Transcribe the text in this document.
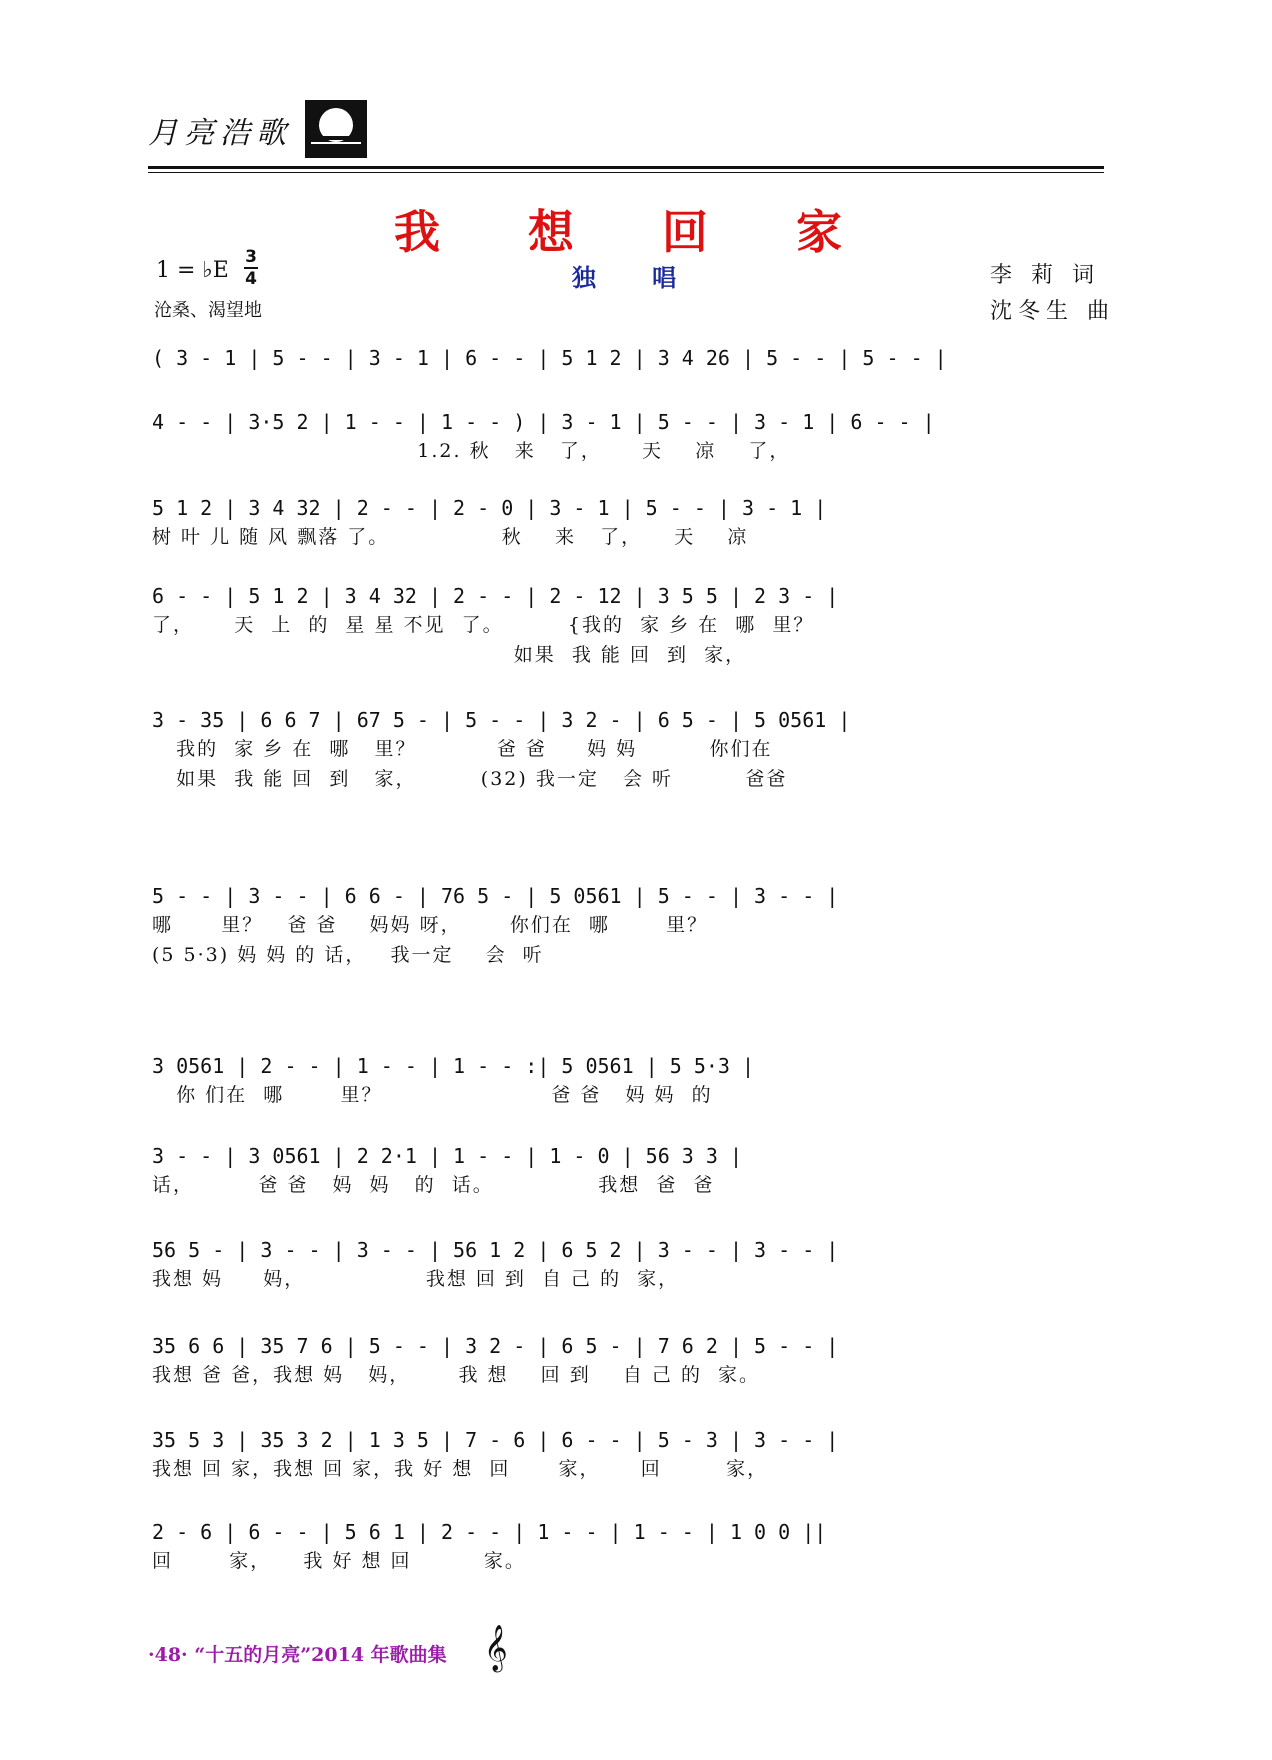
月亮浩歌
我 想 回 家
1 = ♭E
3
4	独 唱	李 莉 词
沈冬生 曲
沧桑、渴望地
( 3 - 1 | 5 - - | 3 - 1 | 6 - - | 5 1 2 | 3 4 26 | 5 - - | 5 - - |
4 - - | 3·5 2 | 1 - - | 1 - - ) | 3 - 1 | 5 - - | 3 - 1 | 6 - - |
1.2. 秋   来   了，     天    凉    了，
5 1 2 | 3 4 32 | 2 - - | 2 - 0 | 3 - 1 | 5 - - | 3 - 1 |
树 叶 儿 随 风 飘落 了。              秋    来   了，    天    凉
6 - - | 5 1 2 | 3 4 32 | 2 - - | 2 - 12 | 3 5 5 | 2 3 - |
了，     天  上  的  星 星 不见  了。        {我的  家 乡 在  哪  里？
如果  我 能 回  到  家，
3 - 35 | 6 6 7 | 67 5 - | 5 - - | 3 2 - | 6 5 - | 5 0561 |
我的  家 乡 在  哪   里？          爸 爸     妈 妈         你们在
如果  我 能 回  到   家，        (32) 我一定   会 听         爸爸
5 - - | 3 - - | 6 6 - | 76 5 - | 5 0561 | 5 - - | 3 - - |
哪      里？   爸 爸    妈妈 呀，      你们在  哪       里？
(5 5·3) 妈 妈 的 话，   我一定    会  听
3 0561 | 2 - - | 1 - - | 1 - - :| 5 0561 | 5 5·3 |
你 们在  哪       里？                     爸 爸   妈 妈  的
3 - - | 3 0561 | 2 2·1 | 1 - - | 1 - 0 | 56 3 3 |
话，        爸 爸   妈  妈   的  话。             我想  爸  爸
56 5 - | 3 - - | 3 - - | 56 1 2 | 6 5 2 | 3 - - | 3 - - |
我想 妈     妈，               我想 回 到  自 己 的  家，
35 6 6 | 35 7 6 | 5 - - | 3 2 - | 6 5 - | 7 6 2 | 5 - - |
我想 爸 爸，我想 妈   妈，      我 想    回 到    自 己 的  家。
35 5 3 | 35 3 2 | 1 3 5 | 7 - 6 | 6 - - | 5 - 3 | 3 - - |
我想 回 家，我想 回 家，我 好 想  回      家，     回        家，
2 - 6 | 6 - - | 5 6 1 | 2 - - | 1 - - | 1 - - | 1 0 0 ||
回       家，    我 好 想 回         家。
·48· “十五的月亮”2014 年歌曲集 𝄞
